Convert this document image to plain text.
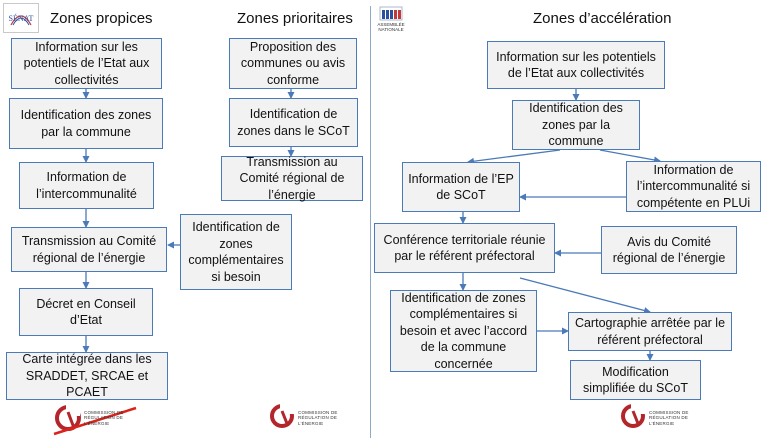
Zones propices	Zones prioritaires	Zones d’accélération
SÉNAT
ASSEMBLÉE NATIONALE
Information sur les potentiels de l’Etat aux collectivités
Identification des zones par la commune
Information de l’intercommunalité
Transmission au Comité régional de l’énergie
Décret en Conseil d’Etat
Carte intégrée dans les SRADDET, SRCAE et PCAET
Identification de zones complémentaires si besoin
Proposition des communes ou avis conforme
Identification de zones dans le SCoT
Transmission au Comité régional de l’énergie
Information sur les potentiels de l’Etat aux collectivités
Identification des zones par la commune
Information de l’EP de SCoT
Information de l’intercommunalité si compétente en PLUi
Conférence territoriale réunie par le référent préfectoral
Avis du Comité régional de l’énergie
Identification de zones complémentaires si besoin et avec l’accord de la commune concernée
Cartographie arrêtée par le référent préfectoral
Modification simplifiée du SCoT
COMMISSION DE RÉGULATION DE L’ÉNERGIE
COMMISSION DE RÉGULATION DE L’ÉNERGIE
COMMISSION DE RÉGULATION DE L’ÉNERGIE
